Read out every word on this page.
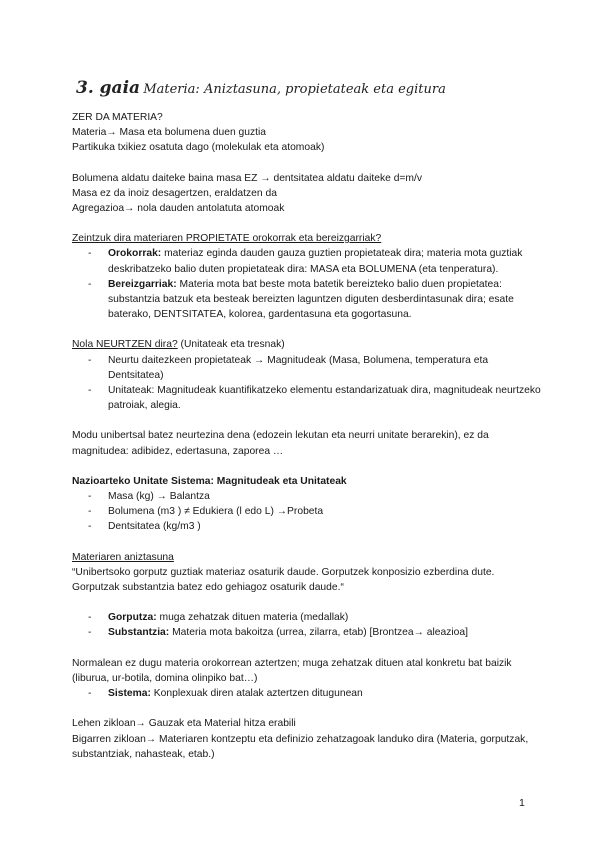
3. gaia Materia: Aniztasuna, propietateak eta egitura

ZER DA MATERIA?

Materia→ Masa eta bolumena duen guztia

Partikuka txikiez osatuta dago (molekulak eta atomoak)

Bolumena aldatu daiteke baina masa EZ → dentsitatea aldatu daiteke d=m/v

Masa ez da inoiz desagertzen, eraldatzen da

Agregazioa→ nola dauden antolatuta atomoak

Zeintzuk dira materiaren PROPIETATE orokorrak eta bereizgarriak?

- Orokorrak: materiaz eginda dauden gauza guztien propietateak dira; materia mota guztiak deskribatzeko balio duten propietateak dira: MASA eta BOLUMENA (eta tenperatura).
- Bereizgarriak: Materia mota bat beste mota batetik bereizteko balio duen propietatea: substantzia batzuk eta besteak bereizten laguntzen diguten desberdintasunak dira; esate baterako, DENTSITATEA, kolorea, gardentasuna eta gogortasuna.

Nola NEURTZEN dira? (Unitateak eta tresnak)

- Neurtu daitezkeen propietateak → Magnitudeak (Masa, Bolumena, temperatura eta Dentsitatea)
- Unitateak: Magnitudeak kuantifikatzeko elementu estandarizatuak dira, magnitudeak neurtzeko patroiak, alegia.

Modu unibertsal batez neurtezina dena (edozein lekutan eta neurri unitate berarekin), ez da magnitudea: adibidez, edertasuna, zaporea …

Nazioarteko Unitate Sistema: Magnitudeak eta Unitateak

- Masa (kg) → Balantza
- Bolumena (m3 ) ≠ Edukiera (l edo L) →Probeta
- Dentsitatea (kg/m3 )

Materiaren aniztasuna

“Unibertsoko gorputz guztiak materiaz osaturik daude. Gorputzek konposizio ezberdina dute. Gorputzak substantzia batez edo gehiagoz osaturik daude.“

- Gorputza: muga zehatzak dituen materia (medallak)
- Substantzia: Materia mota bakoitza (urrea, zilarra, etab) [Brontzea→ aleazioa]

Normalean ez dugu materia orokorrean aztertzen; muga zehatzak dituen atal konkretu bat baizik (liburua, ur-botila, domina olinpiko bat…)

- Sistema: Konplexuak diren atalak aztertzen ditugunean

Lehen zikloan→ Gauzak eta Material hitza erabili

Bigarren zikloan→ Materiaren kontzeptu eta definizio zehatzagoak landuko dira (Materia, gorputzak, substantziak, nahasteak, etab.)

1
